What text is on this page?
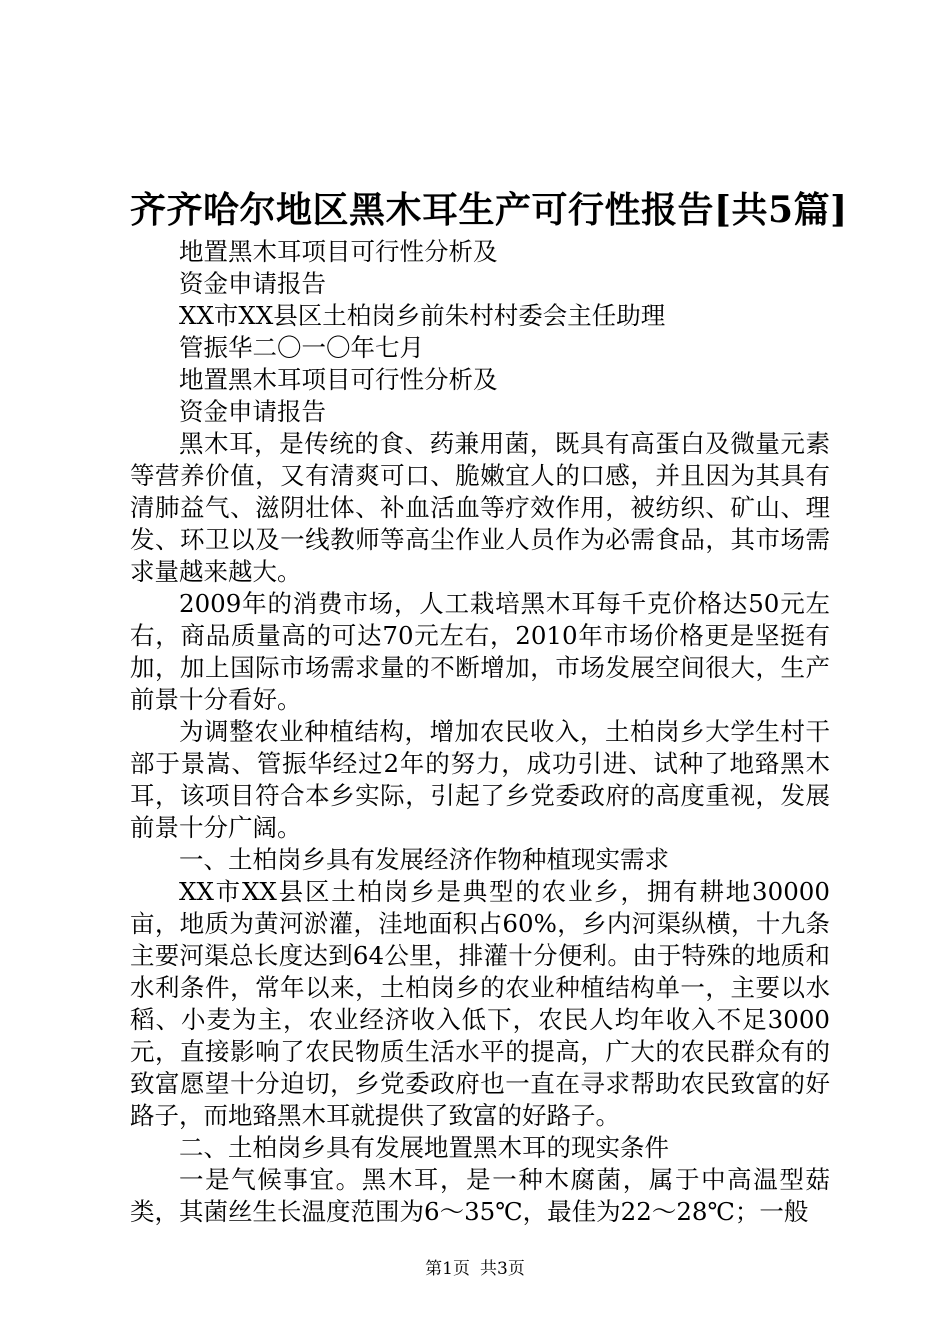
齐齐哈尔地区黑木耳生产可行性报告[共5篇]

地置黑木耳项目可行性分析及

资金申请报告

XX市XX县区土柏岗乡前朱村村委会主任助理

管振华二〇一〇年七月

地置黑木耳项目可行性分析及

资金申请报告

黑木耳，是传统的食、药兼用菌，既具有高蛋白及微量元素等营养价值，又有清爽可口、脆嫩宜人的口感，并且因为其具有清肺益气、滋阴壮体、补血活血等疗效作用，被纺织、矿山、理发、环卫以及一线教师等高尘作业人员作为必需食品，其市场需求量越来越大。

2009年的消费市场，人工栽培黑木耳每千克价格达50元左右，商品质量高的可达70元左右，2010年市场价格更是坚挺有加，加上国际市场需求量的不断增加，市场发展空间很大，生产前景十分看好。

为调整农业种植结构，增加农民收入，土柏岗乡大学生村干部于景嵩、管振华经过2年的努力，成功引进、试种了地臵黑木耳，该项目符合本乡实际，引起了乡党委政府的高度重视，发展前景十分广阔。

一、土柏岗乡具有发展经济作物种植现实需求

XX市XX县区土柏岗乡是典型的农业乡，拥有耕地30000亩，地质为黄河淤灌，洼地面积占60%，乡内河渠纵横，十九条主要河渠总长度达到64公里，排灌十分便利。由于特殊的地质和水利条件，常年以来，土柏岗乡的农业种植结构单一，主要以水稻、小麦为主，农业经济收入低下，农民人均年收入不足3000元，直接影响了农民物质生活水平的提高，广大的农民群众有的致富愿望十分迫切，乡党委政府也一直在寻求帮助农民致富的好路子，而地臵黑木耳就提供了致富的好路子。

二、土柏岗乡具有发展地置黑木耳的现实条件

一是气候事宜。黑木耳，是一种木腐菌，属于中高温型菇类，其菌丝生长温度范围为6～35℃，最佳为22～28℃；一般

第1页 共3页
